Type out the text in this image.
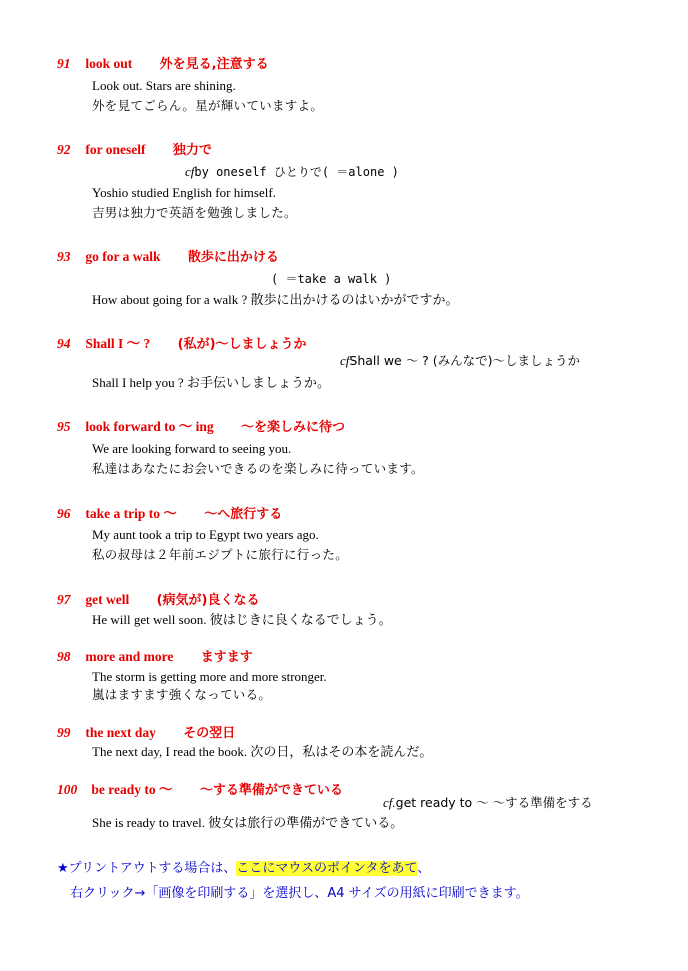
91 look out 外を見る,注意する
Look out. Stars are shining.
外を見てごらん。星が輝いていますよ。
92 for oneself 独力で
cfby oneself ひとりで( ＝alone )
Yoshio studied English for himself.
吉男は独力で英語を勉強しました。
93 go for a walk 散歩に出かける
( ＝take a walk )
How about going for a walk ? 散歩に出かけるのはいかがですか。
94 Shall I ～ ? (私が)～しましょうか
cfShall we ～ ? (みんなで)～しましょうか
Shall I help you ? お手伝いしましょうか。
95 look forward to ～ ing ～を楽しみに待つ
We are looking forward to seeing you.
私達はあなたにお会いできるのを楽しみに待っています。
96 take a trip to ～ ～へ旅行する
My aunt took a trip to Egypt two years ago.
私の叔母は２年前エジプトに旅行に行った。
97 get well (病気が)良くなる
He will get well soon. 彼はじきに良くなるでしょう。
98 more and more ますます
The storm is getting more and more stronger.
嵐はますます強くなっている。
99 the next day その翌日
The next day, I read the book. 次の日，私はその本を読んだ。
100 be ready to ～ ～する準備ができている
cf.get ready to ～ ～する準備をする
She is ready to travel. 彼女は旅行の準備ができている。
★プリントアウトする場合は、ここにマウスのポインタをあて、
右クリック→「画像を印刷する」を選択し、A4 サイズの用紙に印刷できます。
